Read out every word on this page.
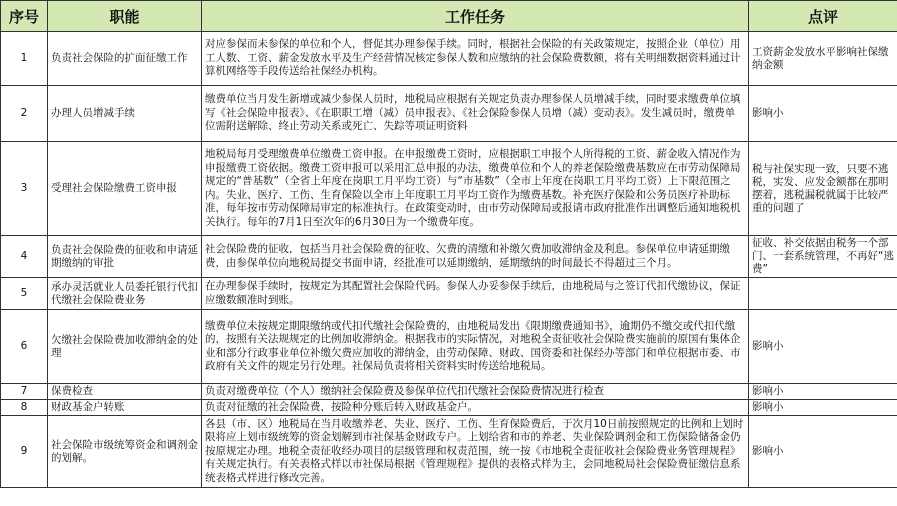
序号	职能	工作任务	点评
1	负责社会保险的扩面征缴工作	对应参保而未参保的单位和个人，督促其办理参保手续。同时，根据社会保险的有关政策规定，按照企业（单位）用工人数、工资、薪金发放水平及生产经营情况核定参保人数和应缴纳的社会保险费数额，将有关明细数据资料通过计算机网络等手段传送给社保经办机构。	工资薪金发放水平影响社保缴纳金额
2	办理人员增减手续	缴费单位当月发生新增或减少参保人员时，地税局应根据有关规定负责办理参保人员增减手续，同时要求缴费单位填写《社会保险申报表》、《在职职工增（减）员申报表》、《社会保险参保人员增（减）变动表》。发生减员时，缴费单位需附送解除、终止劳动关系或死亡、失踪等项证明资料	影响小
3	受理社会保险缴费工资申报	地税局每月受理缴费单位缴费工资申报。在申报缴费工资时，应根据职工申报个人所得税的工资、薪金收入情况作为申报缴费工资依据。缴费工资申报可以采用汇总申报的办法，缴费单位和个人的养老保险缴费基数应在市劳动保障局规定的“普基数”（全省上年度在岗职工月平均工资）与“市基数”（全市上年度在岗职工月平均工资）上下限范围之内。失业、医疗、工伤、生育保险以全市上年度职工月平均工资作为缴费基数。补充医疗保险和公务员医疗补助标准，每年按市劳动保障局审定的标准执行。在政策变动时，由市劳动保障局或报请市政府批准作出调整后通知地税机关执行。每年的7月1日至次年的6月30日为一个缴费年度。	税与社保实现一致，只要不逃税，实发、应发金额都在那明摆着，逃税漏税就属于比较严重的问题了
4	负责社会保险费的征收和申请延期缴纳的审批	社会保险费的征收，包括当月社会保险费的征收、欠费的清缴和补缴欠费加收滞纳金及利息。参保单位申请延期缴费，由参保单位向地税局提交书面申请，经批准可以延期缴纳，延期缴纳的时间最长不得超过三个月。	征收、补交依据由税务一个部门、一套系统管理，不再好“逃费”
5	承办灵活就业人员委托银行代扣代缴社会保险费业务	在办理参保手续时，按规定为其配置社会保险代码。参保人办妥参保手续后，由地税局与之签订代扣代缴协议，保证应缴数额准时到账。	
6	欠缴社会保险费加收滞纳金的处理	缴费单位未按规定期限缴纳或代扣代缴社会保险费的，由地税局发出《限期缴费通知书》，逾期仍不缴交或代扣代缴的，按照有关法规规定的比例加收滞纳金。根据我市的实际情况，对地税全责征收社会保险费实施前的原国有集体企业和部分行政事业单位补缴欠费应加收的滞纳金，由劳动保障、财政、国资委和社保经办等部门和单位根据市委、市政府有关文件的规定另行处理。社保局负责将相关资料实时传送给地税局。	影响小
7	保费检查	负责对缴费单位（个人）缴纳社会保险费及参保单位代扣代缴社会保险费情况进行检查	影响小
8	财政基金户转账	负责对征缴的社会保险费，按险种分账后转入财政基金户。	影响小
9	社会保险市级统筹资金和调剂金的划解。	各县（市、区）地税局在当月收缴养老、失业、医疗、工伤、生育保险费后，于次月10日前按照规定的比例和上划时限将应上划市级统筹的资金划解到市社保基金财政专户。上划给省和市的养老、失业保险调剂金和工伤保险储备金仍按原规定办理。地税全责征收经办项目的层级管理和权责范围，统一按《市地税全责征收社会保险费业务管理规程》有关规定执行。有关表格式样以市社保局根据《管理规程》提供的表格式样为主，会同地税局社会保险费征缴信息系统表格式样进行修改完善。	影响小
